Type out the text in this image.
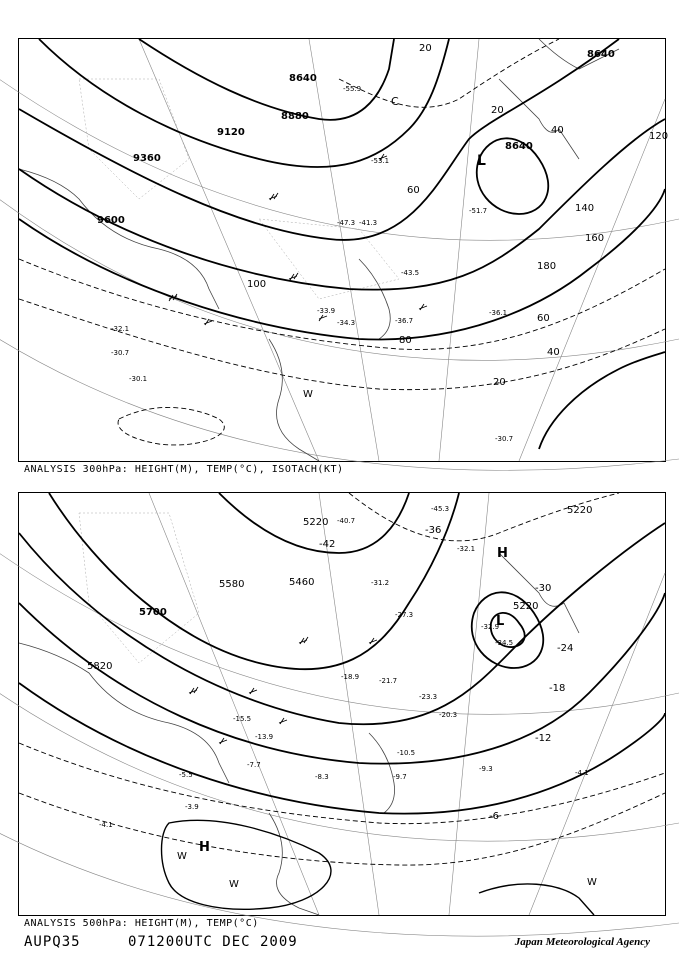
8640
8880
9120
9360
9600
8640
8640
20
20
40
60
80
100
120
140
160
180
60
40
20
-32.1
-30.7
-30.1
-36.1
-36.7
-34.3
-33.9
-43.5
-41.3
-47.3
-53.1
-55.9
-51.7
-30.7
L
C
W
ANALYSIS 300hPa: HEIGHT(M), TEMP(°C), ISOTACH(KT)
5220
5220
5460
5580
5700
5820
5220
-42
-36
-30
-24
-18
-12
-6
-40.7
-45.3
-32.1
-31.2
-27.3
-23.3
-21.7
-20.3
-18.9
-15.5
-13.9
-10.5
-9.7
-9.3
-8.3
-7.7
-5.5
-4.1
-4.1
-3.9
-32.9
-34.5
H
L
H
W
W	W
ANALYSIS 500hPa: HEIGHT(M), TEMP(°C)
AUPQ35	071200UTC DEC 2009	Japan Meteorological Agency
